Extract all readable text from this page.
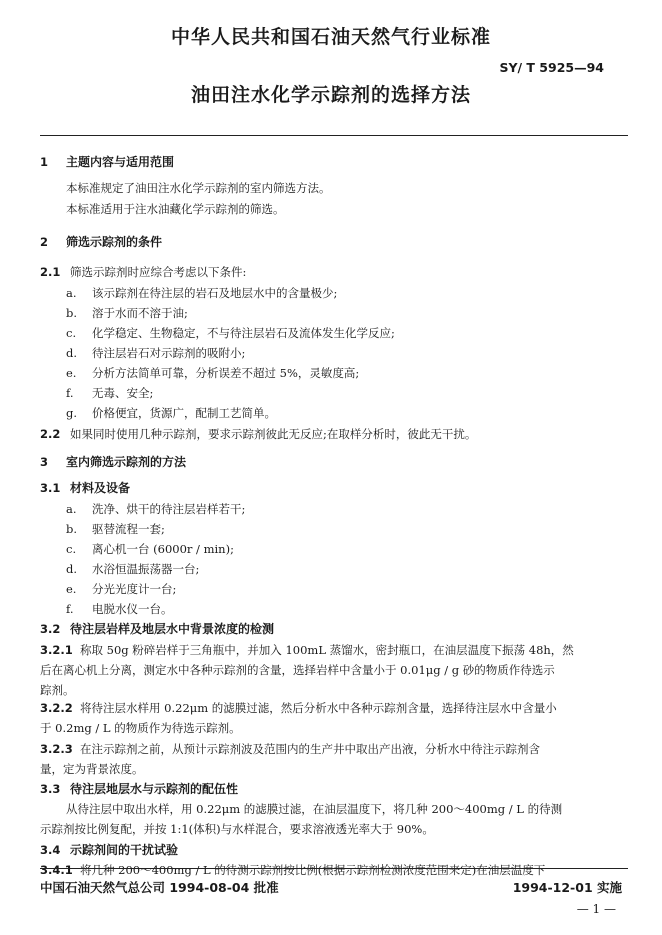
中华人民共和国石油天然气行业标准
SY/ T 5925—94
油田注水化学示踪剂的选择方法
1 主题内容与适用范围
本标准规定了油田注水化学示踪剂的室内筛选方法。
本标准适用于注水油藏化学示踪剂的筛选。
2 筛选示踪剂的条件
2.1 筛选示踪剂时应综合考虑以下条件:
a. 该示踪剂在待注层的岩石及地层水中的含量极少;
b. 溶于水而不溶于油;
c. 化学稳定、生物稳定，不与待注层岩石及流体发生化学反应;
d. 待注层岩石对示踪剂的吸附小;
e. 分析方法简单可靠，分析误差不超过 5%，灵敏度高;
f. 无毒、安全;
g. 价格便宜，货源广，配制工艺简单。
2.2 如果同时使用几种示踪剂，要求示踪剂彼此无反应;在取样分析时，彼此无干扰。
3 室内筛选示踪剂的方法
3.1 材料及设备
a. 洗净、烘干的待注层岩样若干;
b. 驱替流程一套;
c. 离心机一台 (6000r / min);
d. 水浴恒温振荡器一台;
e. 分光光度计一台;
f. 电脱水仪一台。
3.2 待注层岩样及地层水中背景浓度的检测
3.2.1 称取 50g 粉碎岩样于三角瓶中，并加入 100mL 蒸馏水，密封瓶口，在油层温度下振荡 48h，然
后在离心机上分离，测定水中各种示踪剂的含量，选择岩样中含量小于 0.01μg / g 砂的物质作待选示
踪剂。
3.2.2 将待注层水样用 0.22μm 的滤膜过滤，然后分析水中各种示踪剂含量，选择待注层水中含量小
于 0.2mg / L 的物质作为待选示踪剂。
3.2.3 在注示踪剂之前，从预计示踪剂波及范围内的生产井中取出产出液，分析水中待注示踪剂含
量，定为背景浓度。
3.3 待注层地层水与示踪剂的配伍性
从待注层中取出水样，用 0.22μm 的滤膜过滤，在油层温度下，将几种 200～400mg / L 的待测
示踪剂按比例复配，并按 1:1(体积)与水样混合，要求溶液透光率大于 90%。
3.4 示踪剂间的干扰试验
3.4.1 将几种 200～400mg / L 的待测示踪剂按比例(根据示踪剂检测浓度范围来定)在油层温度下
中国石油天然气总公司 1994-08-04 批准	1994-12-01 实施
— 1 —
